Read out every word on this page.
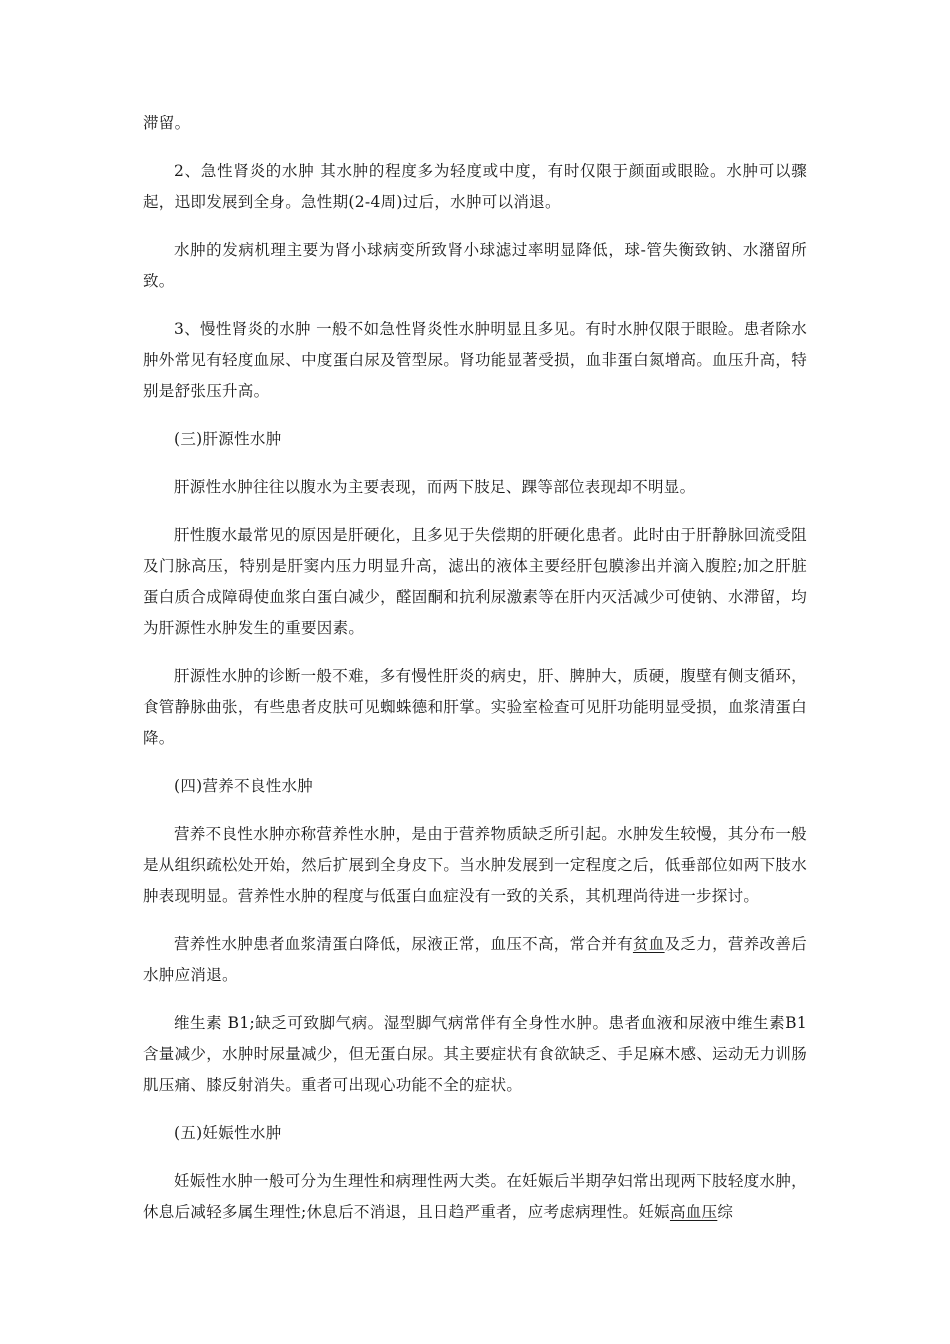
滞留。

2、急性肾炎的水肿 其水肿的程度多为轻度或中度，有时仅限于颜面或眼睑。水肿可以骤起，迅即发展到全身。急性期(2-4周)过后，水肿可以消退。

水肿的发病机理主要为肾小球病变所致肾小球滤过率明显降低，球-管失衡致钠、水潴留所致。

3、慢性肾炎的水肿 一般不如急性肾炎性水肿明显且多见。有时水肿仅限于眼睑。患者除水肿外常见有轻度血尿、中度蛋白尿及管型尿。肾功能显著受损，血非蛋白氮增高。血压升高，特别是舒张压升高。

(三)肝源性水肿

肝源性水肿往往以腹水为主要表现，而两下肢足、踝等部位表现却不明显。

肝性腹水最常见的原因是肝硬化，且多见于失偿期的肝硬化患者。此时由于肝静脉回流受阻及门脉高压，特别是肝窦内压力明显升高，滤出的液体主要经肝包膜渗出并滴入腹腔;加之肝脏蛋白质合成障碍使血浆白蛋白减少，醛固酮和抗利尿激素等在肝内灭活减少可使钠、水滞留，均为肝源性水肿发生的重要因素。

肝源性水肿的诊断一般不难，多有慢性肝炎的病史，肝、脾肿大，质硬，腹壁有侧支循环，食管静脉曲张，有些患者皮肤可见蜘蛛德和肝掌。实验室检查可见肝功能明显受损，血浆清蛋白降。

(四)营养不良性水肿

营养不良性水肿亦称营养性水肿，是由于营养物质缺乏所引起。水肿发生较慢，其分布一般是从组织疏松处开始，然后扩展到全身皮下。当水肿发展到一定程度之后，低垂部位如两下肢水肿表现明显。营养性水肿的程度与低蛋白血症没有一致的关系，其机理尚待进一步探讨。

营养性水肿患者血浆清蛋白降低，尿液正常，血压不高，常合并有贫血及乏力，营养改善后水肿应消退。

维生素 B1;缺乏可致脚气病。湿型脚气病常伴有全身性水肿。患者血液和尿液中维生素B1含量减少，水肿时尿量减少，但无蛋白尿。其主要症状有食欲缺乏、手足麻木感、运动无力训肠肌压痛、膝反射消失。重者可出现心功能不全的症状。

(五)妊娠性水肿

妊娠性水肿一般可分为生理性和病理性两大类。在妊娠后半期孕妇常出现两下肢轻度水肿，休息后减轻多属生理性;休息后不消退，且日趋严重者，应考虑病理性。妊娠高血压综
